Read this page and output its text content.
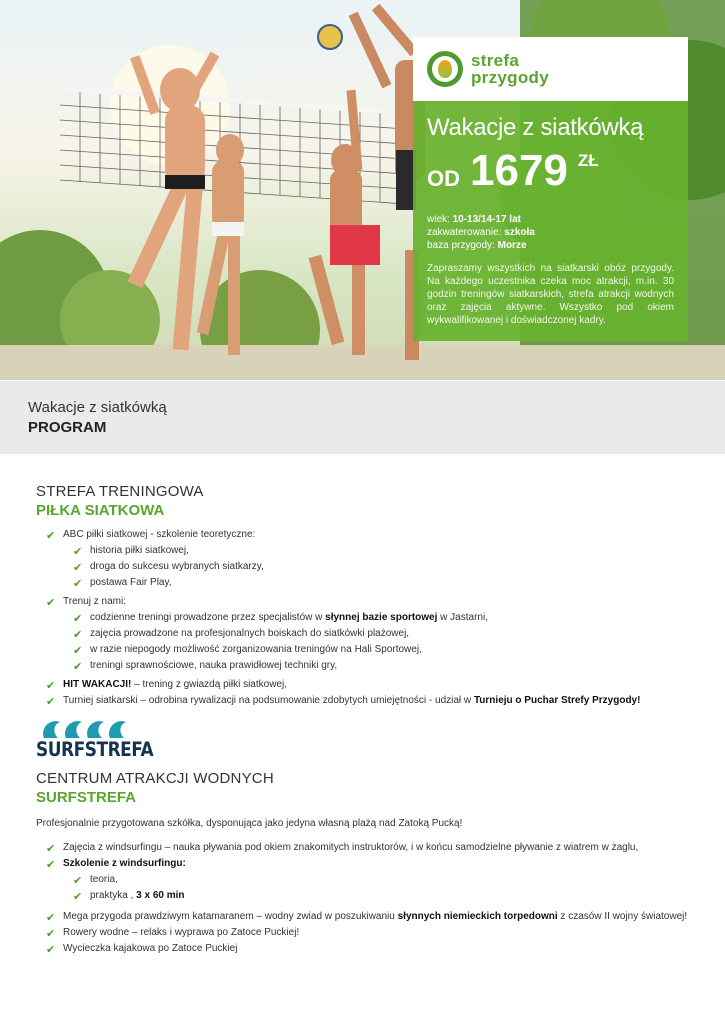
strefa
przygody
Wakacje z siatkówką
OD 1679 ZŁ
wiek: 10-13/14-17 lat
zakwaterowanie: szkoła
baza przygody: Morze
Zapraszamy wszystkich na siatkarski obóz przygody. Na każdego uczestnika czeka moc atrakcji, m.in. 30 godzin treningów siatkarskich, strefa atrakcji wodnych oraz zajęcia aktywne. Wszystko pod okiem wykwalifikowanej i doświadczonej kadry.
Wakacje z siatkówką
PROGRAM
STREFA TRENINGOWA
PIŁKA SIATKOWA
✔ ABC piłki siatkowej - szkolenie teoretyczne:
✔ historia piłki siatkowej,
✔ droga do sukcesu wybranych siatkarzy,
✔ postawa Fair Play,
✔ Trenuj z nami:
✔ codzienne treningi prowadzone przez specjalistów w słynnej bazie sportowej w Jastarni,
✔ zajęcia prowadzone na profesjonalnych boiskach do siatkówki plażowej,
✔ w razie niepogody możliwość zorganizowania treningów na Hali Sportowej,
✔ treningi sprawnościowe, nauka prawidłowej techniki gry,
✔ HIT WAKACJI! – trening z gwiazdą piłki siatkowej,
✔ Turniej siatkarski – odrobina rywalizacji na podsumowanie zdobytych umiejętności - udział w Turnieju o Puchar Strefy Przygody!
SURFSTREFA
CENTRUM ATRAKCJI WODNYCH
SURFSTREFA
Profesjonalnie przygotowana szkółka, dysponująca jako jedyna własną plażą nad Zatoką Pucką!
✔ Zajęcia z windsurfingu – nauka pływania pod okiem znakomitych instruktorów, i w końcu samodzielne pływanie z wiatrem w żaglu,
✔ Szkolenie z windsurfingu:
✔ teoria,
✔ praktyka , 3 x 60 min
✔ Mega przygoda prawdziwym katamaranem – wodny zwiad w poszukiwaniu słynnych niemieckich torpedowni z czasów II wojny światowej!
✔ Rowery wodne – relaks i wyprawa po Zatoce Puckiej!
✔ Wycieczka kajakowa po Zatoce Puckiej
